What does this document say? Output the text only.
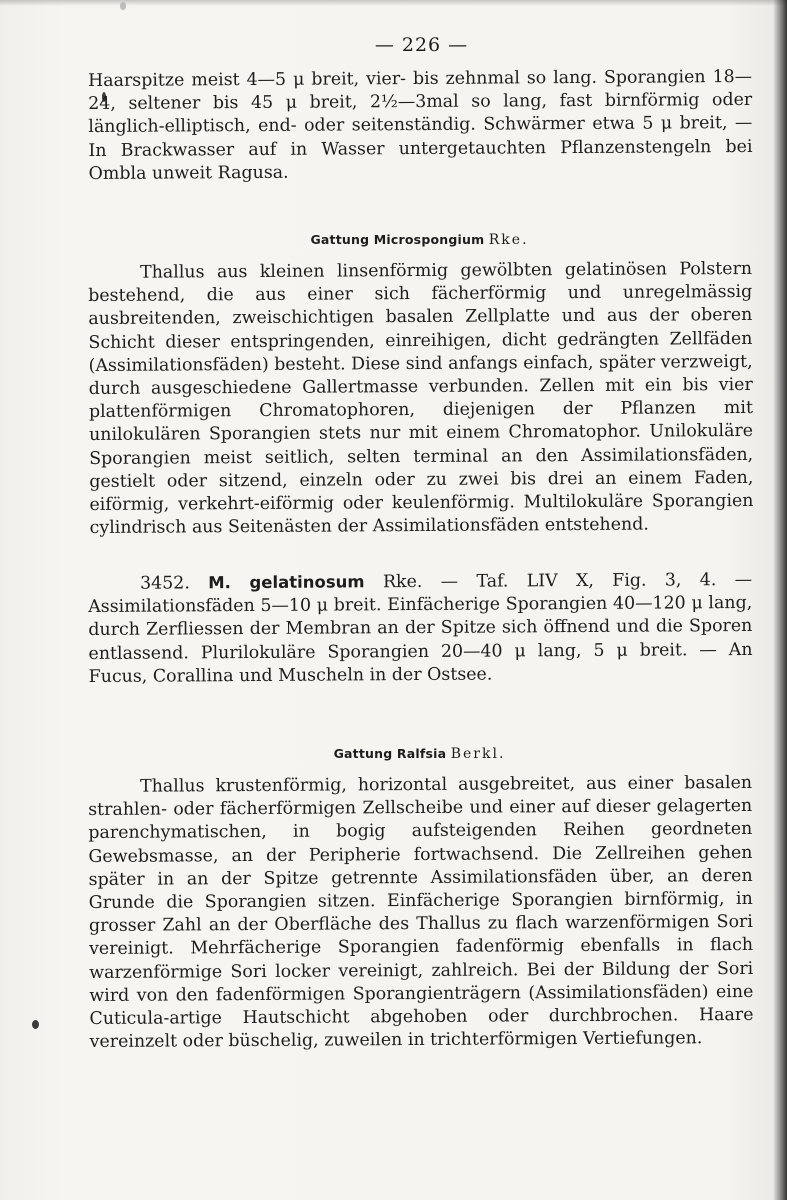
— 226 —

Haarspitze meist 4—5 μ breit, vier- bis zehnmal so lang. Sporangien 18—24, seltener bis 45 μ breit, 2½—3mal so lang, fast birnförmig oder länglich-elliptisch, end- oder seitenständig. Schwärmer etwa 5 μ breit, — In Brackwasser auf in Wasser untergetauchten Pflanzenstengeln bei Ombla unweit Ragusa.

Gattung Microspongium Rke.

Thallus aus kleinen linsenförmig gewölbten gelatinösen Polstern bestehend, die aus einer sich fächerförmig und unregelmässig ausbreitenden, zweischichtigen basalen Zellplatte und aus der oberen Schicht dieser entspringenden, einreihigen, dicht gedrängten Zellfäden (Assimilationsfäden) besteht. Diese sind anfangs einfach, später verzweigt, durch ausgeschiedene Gallertmasse verbunden. Zellen mit ein bis vier plattenförmigen Chromatophoren, diejenigen der Pflanzen mit unilokulären Sporangien stets nur mit einem Chromatophor. Unilokuläre Sporangien meist seitlich, selten terminal an den Assimilationsfäden, gestielt oder sitzend, einzeln oder zu zwei bis drei an einem Faden, eiförmig, verkehrt-eiförmig oder keulenförmig. Multilokuläre Sporangien cylindrisch aus Seitenästen der Assimilationsfäden entstehend.

3452. M. gelatinosum Rke. — Taf. LIV X, Fig. 3, 4. — Assimilationsfäden 5—10 μ breit. Einfächerige Sporangien 40—120 μ lang, durch Zerfliessen der Membran an der Spitze sich öffnend und die Sporen entlassend. Plurilokuläre Sporangien 20—40 μ lang, 5 μ breit. — An Fucus, Corallina und Muscheln in der Ostsee.

Gattung Ralfsia Berkl.

Thallus krustenförmig, horizontal ausgebreitet, aus einer basalen strahlen- oder fächerförmigen Zellscheibe und einer auf dieser gelagerten parenchymatischen, in bogig aufsteigenden Reihen geordneten Gewebsmasse, an der Peripherie fortwachsend. Die Zellreihen gehen später in an der Spitze getrennte Assimilationsfäden über, an deren Grunde die Sporangien sitzen. Einfächerige Sporangien birnförmig, in grosser Zahl an der Oberfläche des Thallus zu flach warzenförmigen Sori vereinigt. Mehrfächerige Sporangien fadenförmig ebenfalls in flach warzenförmige Sori locker vereinigt, zahlreich. Bei der Bildung der Sori wird von den fadenförmigen Sporangienträgern (Assimilationsfäden) eine Cuticula-artige Hautschicht abgehoben oder durchbrochen. Haare vereinzelt oder büschelig, zuweilen in trichterförmigen Vertiefungen.
